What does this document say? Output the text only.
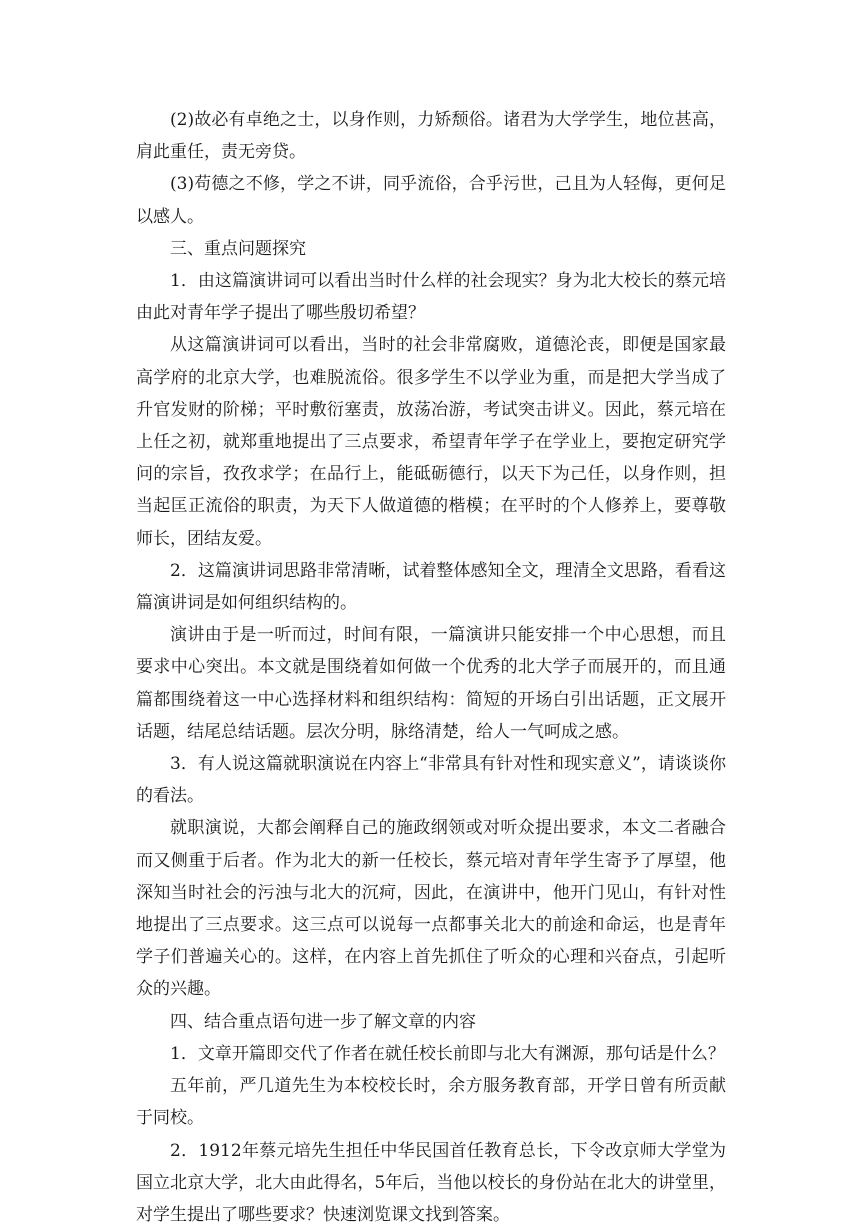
(2)故必有卓绝之士，以身作则，力矫颓俗。诸君为大学学生，地位甚高，肩此重任，责无旁贷。

(3)苟德之不修，学之不讲，同乎流俗，合乎污世，己且为人轻侮，更何足以感人。

三、重点问题探究

1．由这篇演讲词可以看出当时什么样的社会现实？身为北大校长的蔡元培由此对青年学子提出了哪些殷切希望？

从这篇演讲词可以看出，当时的社会非常腐败，道德沦丧，即便是国家最高学府的北京大学，也难脱流俗。很多学生不以学业为重，而是把大学当成了升官发财的阶梯；平时敷衍塞责，放荡冶游，考试突击讲义。因此，蔡元培在上任之初，就郑重地提出了三点要求，希望青年学子在学业上，要抱定研究学问的宗旨，孜孜求学；在品行上，能砥砺德行，以天下为己任，以身作则，担当起匡正流俗的职责，为天下人做道德的楷模；在平时的个人修养上，要尊敬师长，团结友爱。

2．这篇演讲词思路非常清晰，试着整体感知全文，理清全文思路，看看这篇演讲词是如何组织结构的。

演讲由于是一听而过，时间有限，一篇演讲只能安排一个中心思想，而且要求中心突出。本文就是围绕着如何做一个优秀的北大学子而展开的，而且通篇都围绕着这一中心选择材料和组织结构：简短的开场白引出话题，正文展开话题，结尾总结话题。层次分明，脉络清楚，给人一气呵成之感。

3．有人说这篇就职演说在内容上“非常具有针对性和现实意义”，请谈谈你的看法。

就职演说，大都会阐释自己的施政纲领或对听众提出要求，本文二者融合而又侧重于后者。作为北大的新一任校长，蔡元培对青年学生寄予了厚望，他深知当时社会的污浊与北大的沉疴，因此，在演讲中，他开门见山，有针对性地提出了三点要求。这三点可以说每一点都事关北大的前途和命运，也是青年学子们普遍关心的。这样，在内容上首先抓住了听众的心理和兴奋点，引起听众的兴趣。

四、结合重点语句进一步了解文章的内容

1．文章开篇即交代了作者在就任校长前即与北大有渊源，那句话是什么？

五年前，严几道先生为本校校长时，余方服务教育部，开学日曾有所贡献于同校。

2．1912年蔡元培先生担任中华民国首任教育总长，下令改京师大学堂为国立北京大学，北大由此得名，5年后，当他以校长的身份站在北大的讲堂里，对学生提出了哪些要求？快速浏览课文找到答案。
